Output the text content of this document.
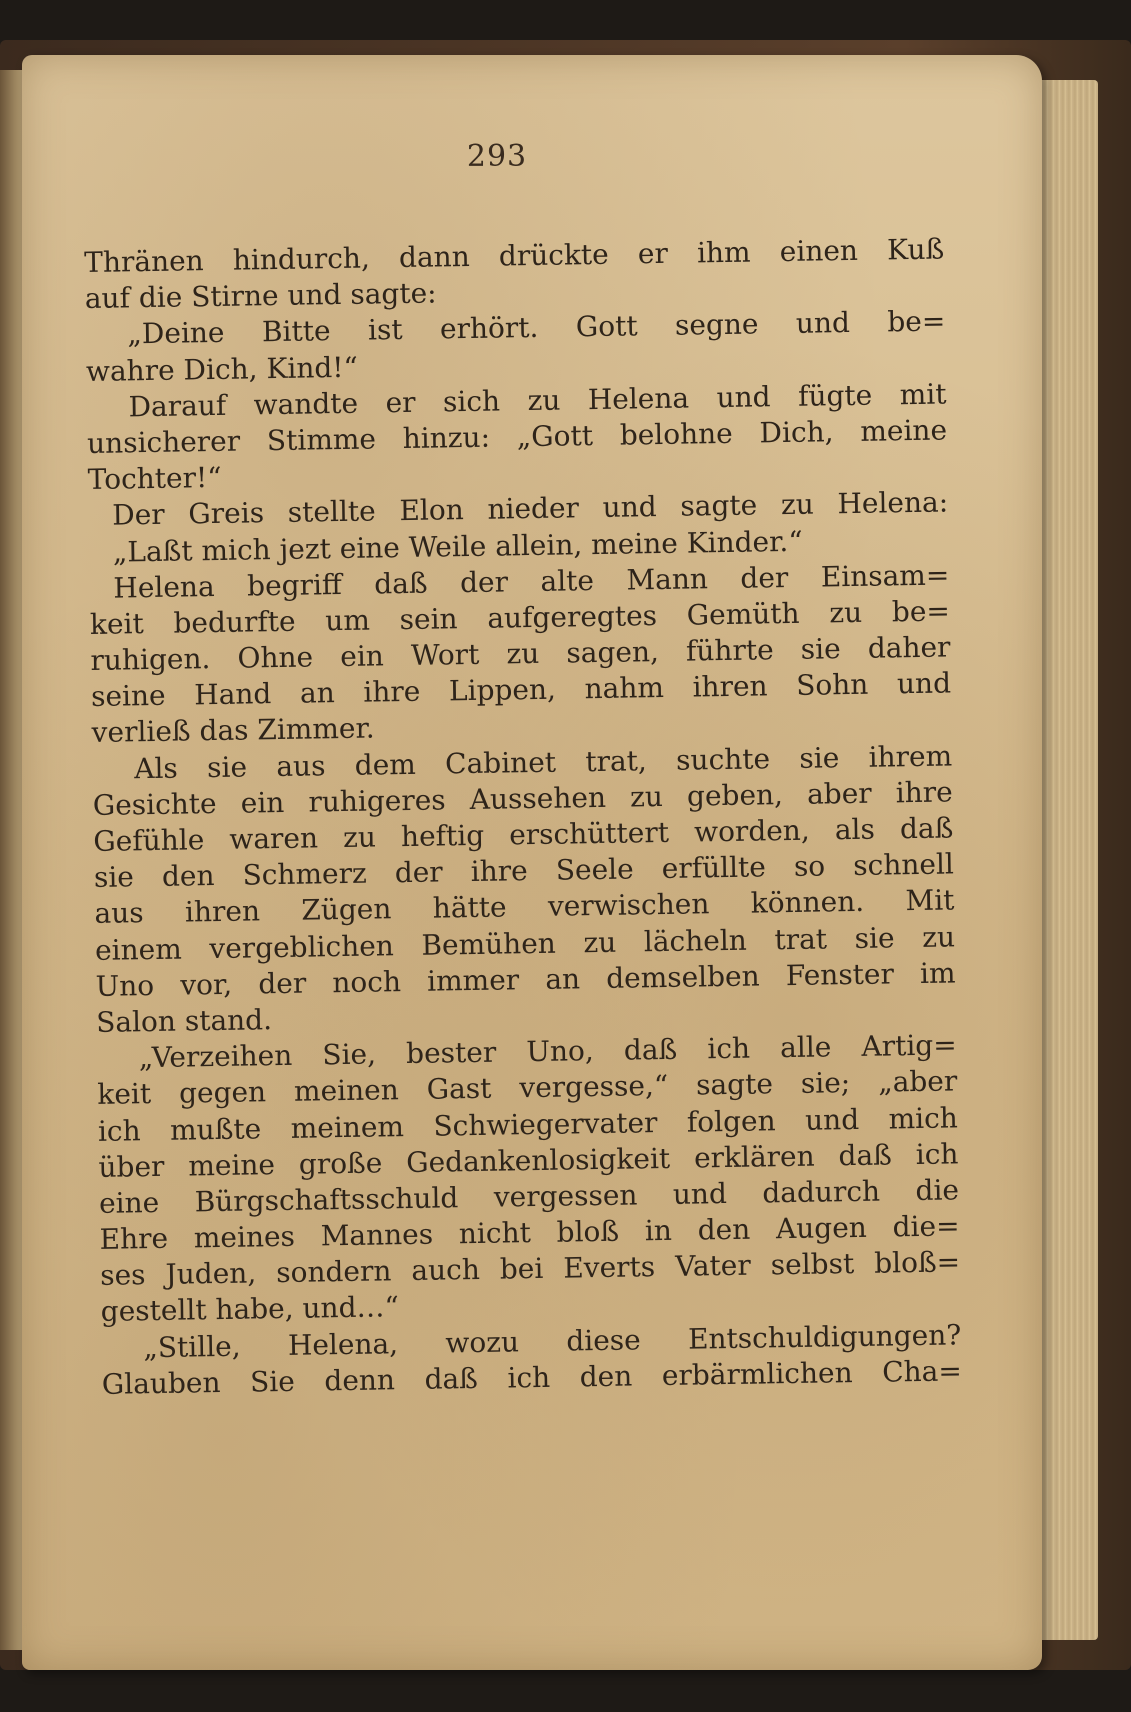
293
Thränen hindurch, dann drückte er ihm einen Kuß
auf die Stirne und sagte:
„Deine Bitte ist erhört. Gott segne und be=
wahre Dich, Kind!“
Darauf wandte er sich zu Helena und fügte mit
unsicherer Stimme hinzu: „Gott belohne Dich, meine
Tochter!“
Der Greis stellte Elon nieder und sagte zu Helena:
„Laßt mich jezt eine Weile allein, meine Kinder.“
Helena begriff daß der alte Mann der Einsam=
keit bedurfte um sein aufgeregtes Gemüth zu be=
ruhigen. Ohne ein Wort zu sagen, führte sie daher
seine Hand an ihre Lippen, nahm ihren Sohn und
verließ das Zimmer.
Als sie aus dem Cabinet trat, suchte sie ihrem
Gesichte ein ruhigeres Aussehen zu geben, aber ihre
Gefühle waren zu heftig erschüttert worden, als daß
sie den Schmerz der ihre Seele erfüllte so schnell
aus ihren Zügen hätte verwischen können. Mit
einem vergeblichen Bemühen zu lächeln trat sie zu
Uno vor, der noch immer an demselben Fenster im
Salon stand.
„Verzeihen Sie, bester Uno, daß ich alle Artig=
keit gegen meinen Gast vergesse,“ sagte sie; „aber
ich mußte meinem Schwiegervater folgen und mich
über meine große Gedankenlosigkeit erklären daß ich
eine Bürgschaftsschuld vergessen und dadurch die
Ehre meines Mannes nicht bloß in den Augen die=
ses Juden, sondern auch bei Everts Vater selbst bloß=
gestellt habe, und…“
„Stille, Helena, wozu diese Entschuldigungen?
Glauben Sie denn daß ich den erbärmlichen Cha=
